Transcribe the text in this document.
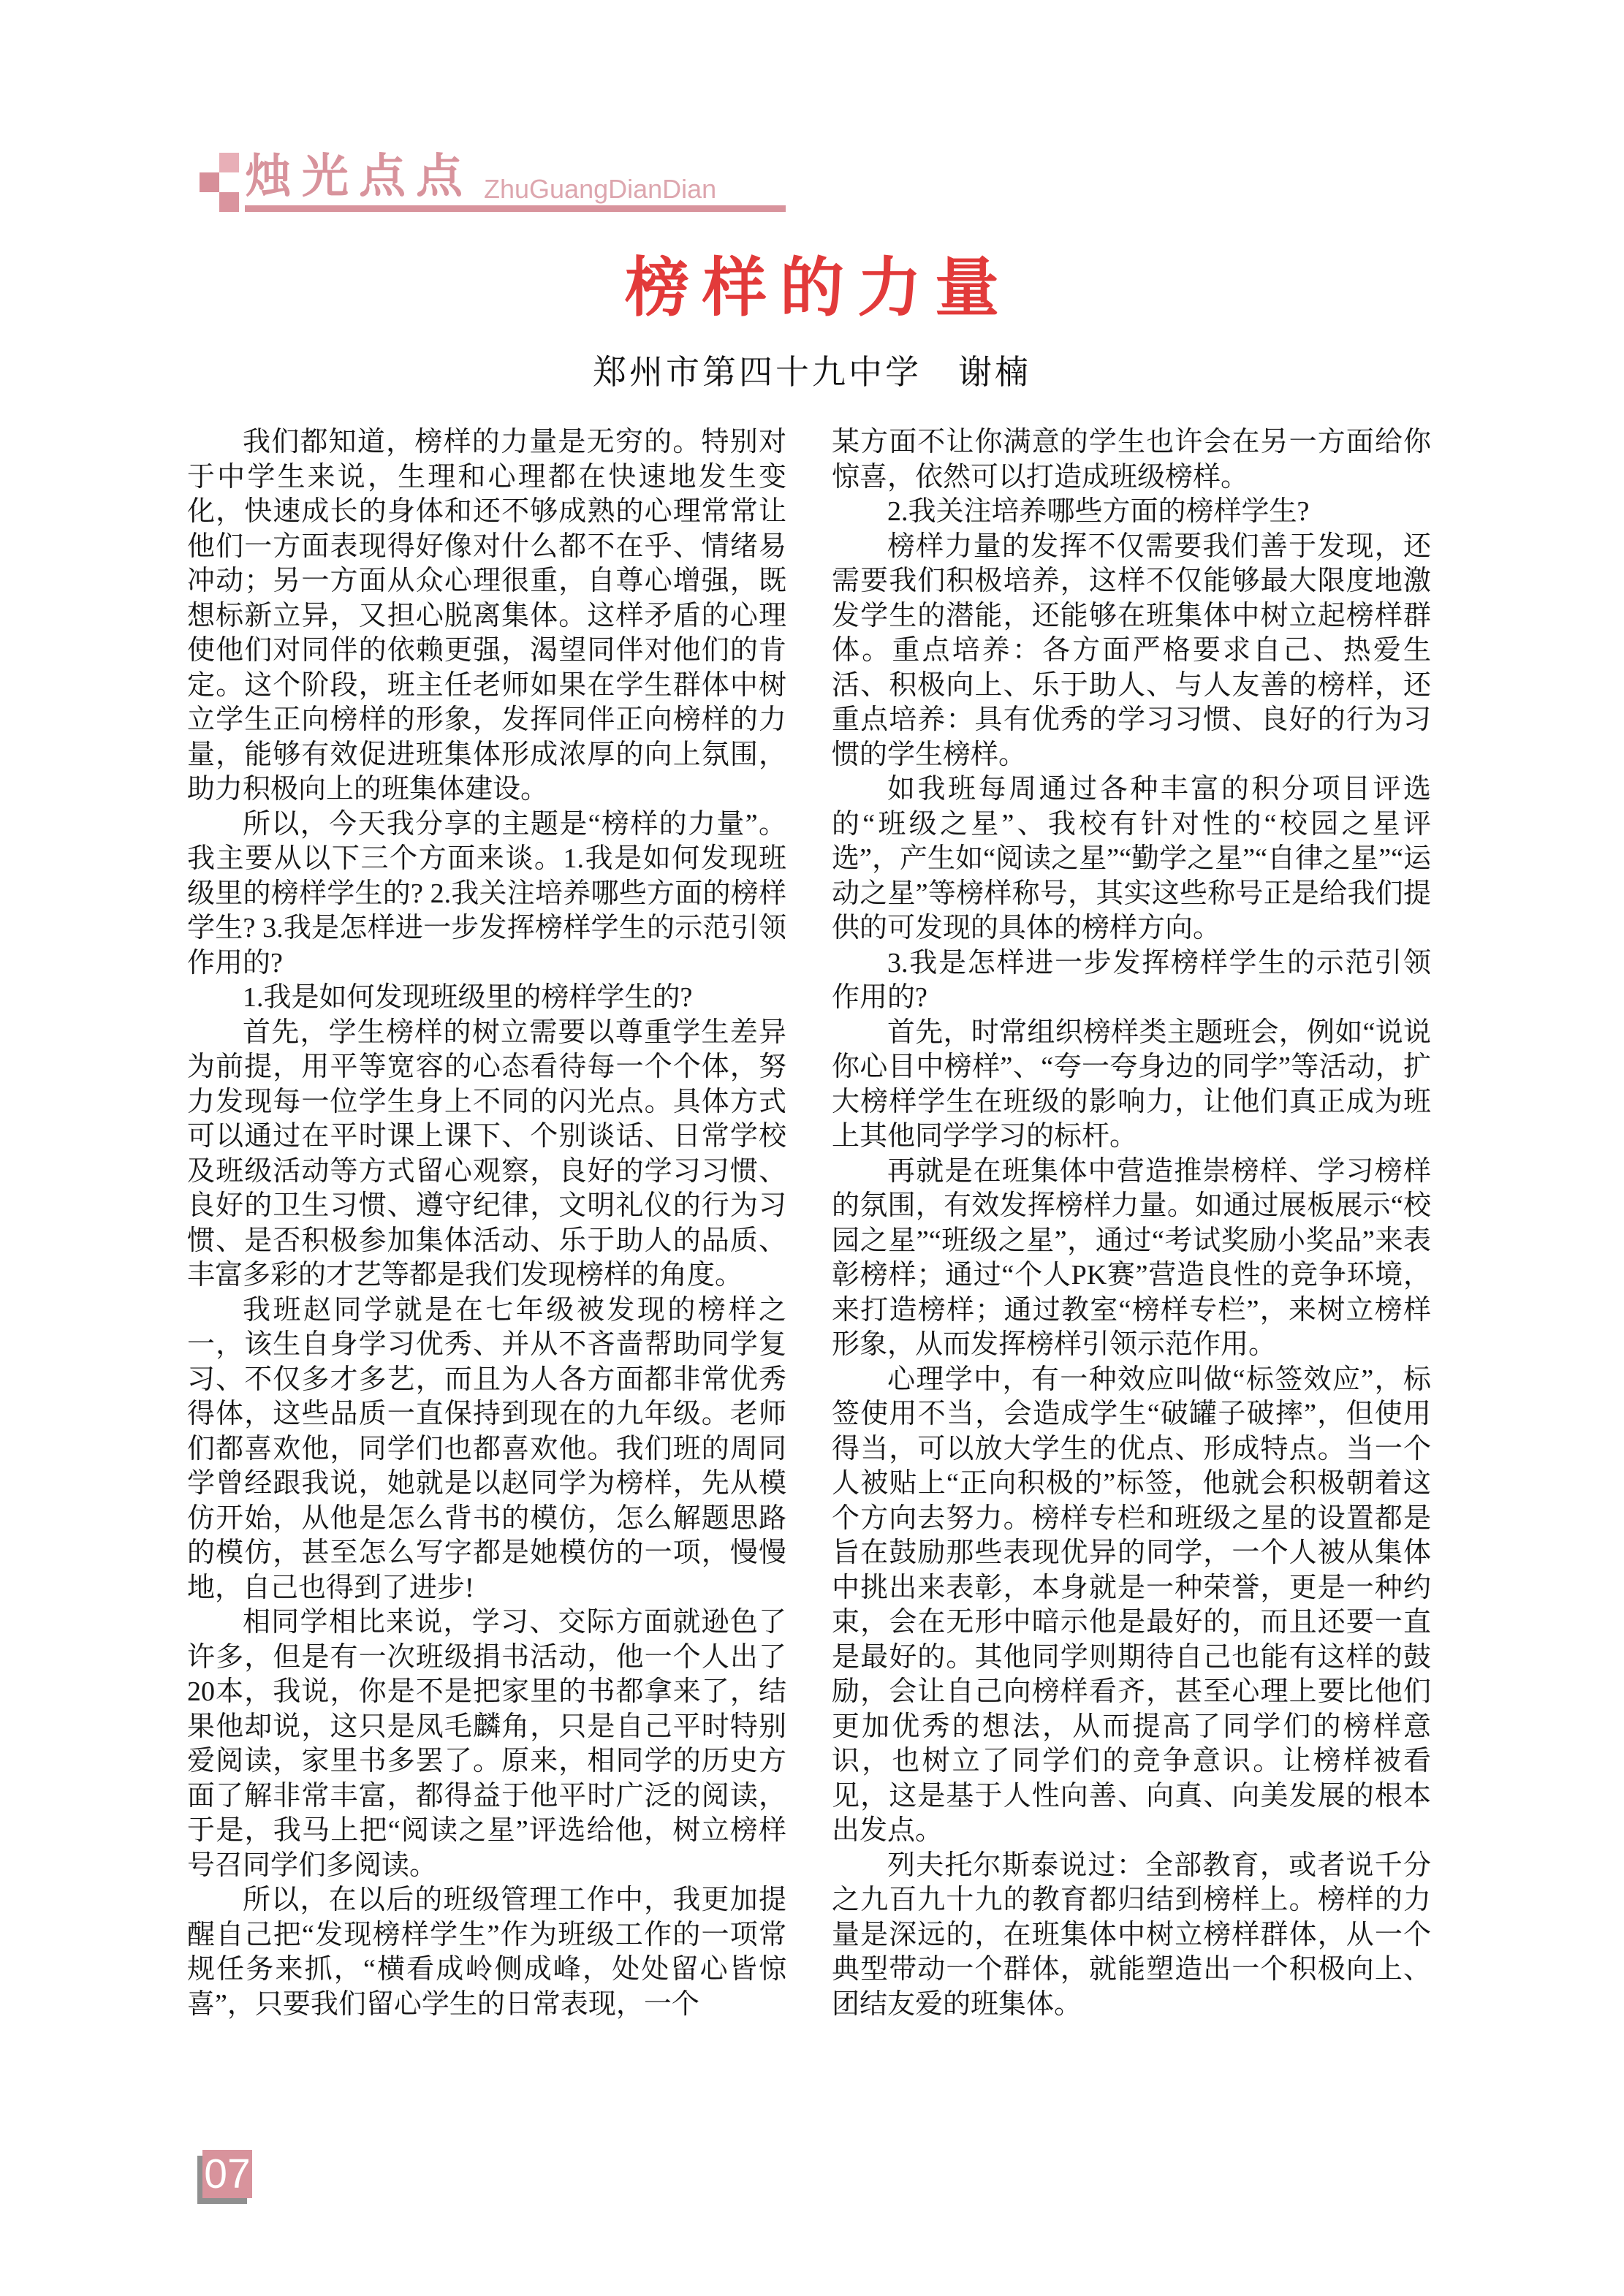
烛光点点 ZhuGuangDianDian
榜样的力量
郑州市第四十九中学　谢楠

我们都知道，榜样的力量是无穷的。特别对于中学生来说，生理和心理都在快速地发生变化，快速成长的身体和还不够成熟的心理常常让他们一方面表现得好像对什么都不在乎、情绪易冲动；另一方面从众心理很重，自尊心增强，既想标新立异，又担心脱离集体。这样矛盾的心理使他们对同伴的依赖更强，渴望同伴对他们的肯定。这个阶段，班主任老师如果在学生群体中树立学生正向榜样的形象，发挥同伴正向榜样的力量，能够有效促进班集体形成浓厚的向上氛围，助力积极向上的班集体建设。

所以，今天我分享的主题是“榜样的力量”。我主要从以下三个方面来谈。1.我是如何发现班级里的榜样学生的? 2.我关注培养哪些方面的榜样学生? 3.我是怎样进一步发挥榜样学生的示范引领作用的?

1.我是如何发现班级里的榜样学生的?

首先，学生榜样的树立需要以尊重学生差异为前提，用平等宽容的心态看待每一个个体，努力发现每一位学生身上不同的闪光点。具体方式可以通过在平时课上课下、个别谈话、日常学校及班级活动等方式留心观察，良好的学习习惯、良好的卫生习惯、遵守纪律，文明礼仪的行为习惯、是否积极参加集体活动、乐于助人的品质、丰富多彩的才艺等都是我们发现榜样的角度。

我班赵同学就是在七年级被发现的榜样之一，该生自身学习优秀、并从不吝啬帮助同学复习、不仅多才多艺，而且为人各方面都非常优秀得体，这些品质一直保持到现在的九年级。老师们都喜欢他，同学们也都喜欢他。我们班的周同学曾经跟我说，她就是以赵同学为榜样，先从模仿开始，从他是怎么背书的模仿，怎么解题思路的模仿，甚至怎么写字都是她模仿的一项，慢慢地，自己也得到了进步!

相同学相比来说，学习、交际方面就逊色了许多，但是有一次班级捐书活动，他一个人出了20本，我说，你是不是把家里的书都拿来了，结果他却说，这只是凤毛麟角，只是自己平时特别爱阅读，家里书多罢了。原来，相同学的历史方面了解非常丰富，都得益于他平时广泛的阅读，于是，我马上把“阅读之星”评选给他，树立榜样号召同学们多阅读。

所以，在以后的班级管理工作中，我更加提醒自己把“发现榜样学生”作为班级工作的一项常规任务来抓，“横看成岭侧成峰，处处留心皆惊喜”，只要我们留心学生的日常表现，一个

某方面不让你满意的学生也许会在另一方面给你惊喜，依然可以打造成班级榜样。

2.我关注培养哪些方面的榜样学生?

榜样力量的发挥不仅需要我们善于发现，还需要我们积极培养，这样不仅能够最大限度地激发学生的潜能，还能够在班集体中树立起榜样群体。重点培养：各方面严格要求自己、热爱生活、积极向上、乐于助人、与人友善的榜样，还重点培养：具有优秀的学习习惯、良好的行为习惯的学生榜样。

如我班每周通过各种丰富的积分项目评选的“班级之星”、我校有针对性的“校园之星评选”，产生如“阅读之星”“勤学之星”“自律之星”“运动之星”等榜样称号，其实这些称号正是给我们提供的可发现的具体的榜样方向。

3.我是怎样进一步发挥榜样学生的示范引领作用的?

首先，时常组织榜样类主题班会，例如“说说你心目中榜样”、“夸一夸身边的同学”等活动，扩大榜样学生在班级的影响力，让他们真正成为班上其他同学学习的标杆。

再就是在班集体中营造推崇榜样、学习榜样的氛围，有效发挥榜样力量。如通过展板展示“校园之星”“班级之星”，通过“考试奖励小奖品”来表彰榜样；通过“个人PK赛”营造良性的竞争环境，来打造榜样；通过教室“榜样专栏”，来树立榜样形象，从而发挥榜样引领示范作用。

心理学中，有一种效应叫做“标签效应”，标签使用不当，会造成学生“破罐子破摔”，但使用得当，可以放大学生的优点、形成特点。当一个人被贴上“正向积极的”标签，他就会积极朝着这个方向去努力。榜样专栏和班级之星的设置都是旨在鼓励那些表现优异的同学，一个人被从集体中挑出来表彰，本身就是一种荣誉，更是一种约束，会在无形中暗示他是最好的，而且还要一直是最好的。其他同学则期待自己也能有这样的鼓励，会让自己向榜样看齐，甚至心理上要比他们更加优秀的想法，从而提高了同学们的榜样意识，也树立了同学们的竞争意识。让榜样被看见，这是基于人性向善、向真、向美发展的根本出发点。

列夫托尔斯泰说过：全部教育，或者说千分之九百九十九的教育都归结到榜样上。榜样的力量是深远的，在班集体中树立榜样群体，从一个典型带动一个群体，就能塑造出一个积极向上、团结友爱的班集体。

07
